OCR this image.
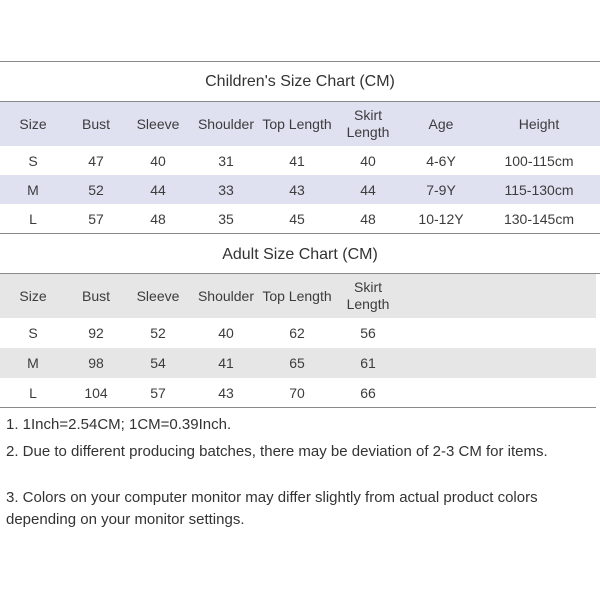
Children's Size Chart (CM)
Size	Bust	Sleeve	Shoulder	Top Length	Skirt Length	Age	Height
S	47	40	31	41	40	4-6Y	100-115cm
M	52	44	33	43	44	7-9Y	115-130cm
L	57	48	35	45	48	10-12Y	130-145cm
Adult Size Chart (CM)
Size	Bust	Sleeve	Shoulder	Top Length	Skirt Length	
S	92	52	40	62	56	
M	98	54	41	65	61	
L	104	57	43	70	66	
1. 1Inch=2.54CM; 1CM=0.39Inch.
2. Due to different producing batches, there may be deviation of 2-3 CM for items.
3. Colors on your computer monitor may differ slightly from actual product colors depending on your monitor settings.
